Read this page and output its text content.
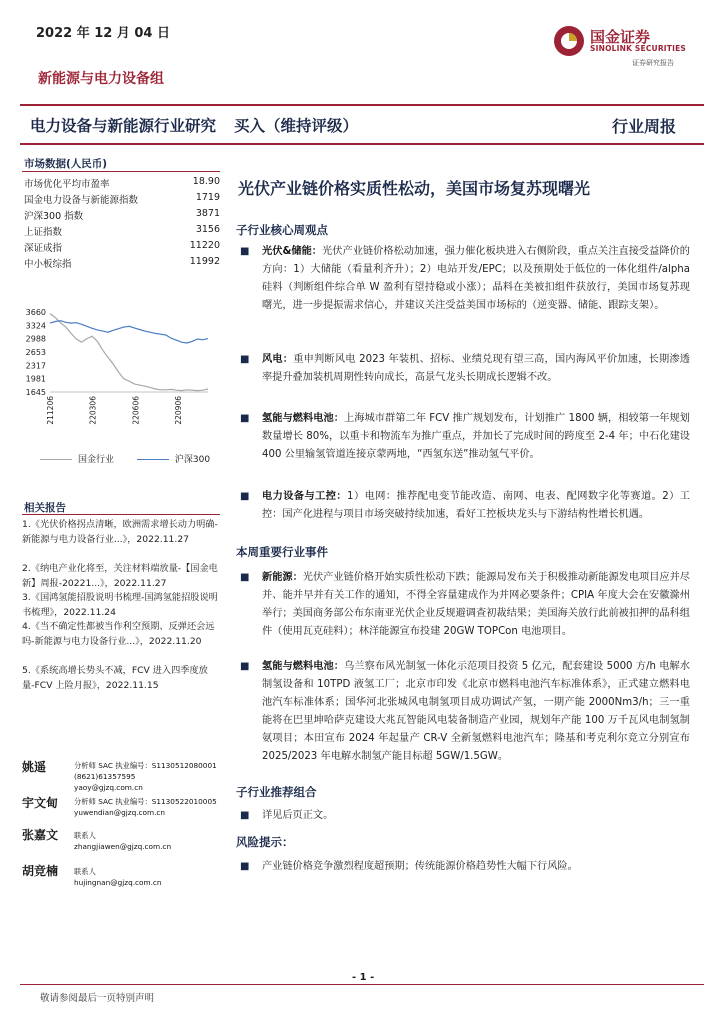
2022 年 12 月 04 日
新能源与电力设备组
国金证券
SINOLINK SECURITIES
证券研究报告
电力设备与新能源行业研究 买入（维持评级）	行业周报
市场数据(人民币)
市场优化平均市盈率	18.90
国金电力设备与新能源指数	1719
沪深300 指数	3871
上证指数	3156
深证成指	11220
中小板综指	11992
3660
3324
2988
2653
2317
1981
1645
211206	220306	220606	220906
国金行业	沪深300
相关报告
1.《光伏价格拐点清晰，欧洲需求增长动力明确-新能源与电力设备行业...》，2022.11.27
2.《纳电产业化将至，关注材料端放量-【国金电新】周报-20221...》，2022.11.27
3.《国鸿氢能招股说明书梳理-国鸿氢能招股说明书梳理》，2022.11.24
4.《当不确定性都被当作利空预期、反弹还会远吗-新能源与电力设备行业...》，2022.11.20
5.《系统高增长势头不减，FCV 进入四季度放量-FCV 上险月报》，2022.11.15
姚遥	分析师 SAC 执业编号：S1130512080001
(8621)61357595
yaoy@gjzq.com.cn
宇文甸 分析师 SAC 执业编号：S1130522010005
yuwendian@gjzq.com.cn
张嘉文 联系人
zhangjiawen@gjzq.com.cn
胡竞楠 联系人
hujingnan@gjzq.com.cn
光伏产业链价格实质性松动，美国市场复苏现曙光
子行业核心周观点
■ 光伏&储能：光伏产业链价格松动加速，强力催化板块进入右侧阶段，重点关注直接受益降价的方向：1）大储能（看量利齐升）；2）电站开发/EPC；以及预期处于低位的一体化组件/alpha 硅料（判断组件综合单 W 盈利有望持稳或小涨）；晶料在美被扣组件获放行，美国市场复苏现曙光，进一步提振需求信心，并建议关注受益美国市场标的（逆变器、储能、跟踪支架）。
■ 风电：重申判断风电 2023 年装机、招标、业绩兑现有望三高，国内海风平价加速，长期渗透率提升叠加装机周期性转向成长，高景气龙头长期成长逻辑不改。
■ 氢能与燃料电池：上海城市群第二年 FCV 推广规划发布，计划推广 1800 辆，相较第一年规划数量增长 80%，以重卡和物流车为推广重点，并加长了完成时间的跨度至 2-4 年；中石化建设 400 公里输氢管道连接京蒙两地，“西氢东送”推动氢气平价。
■ 电力设备与工控：1）电网：推荐配电变节能改造、南网、电表、配网数字化等赛道。2）工控：国产化进程与项目市场突破持续加速，看好工控板块龙头与下游结构性增长机遇。
本周重要行业事件
■ 新能源：光伏产业链价格开始实质性松动下跌；能源局发布关于积极推动新能源发电项目应并尽并、能并早并有关工作的通知，不得全容量建成作为并网必要条件；CPIA 年度大会在安徽滁州举行；美国商务部公布东南亚光伏企业反规避调查初裁结果；美国海关放行此前被扣押的晶科组件（使用瓦克硅料）；林洋能源宣布投建 20GW TOPCon 电池项目。
■ 氢能与燃料电池：乌兰察布风光制氢一体化示范项目投资 5 亿元，配套建设 5000 方/h 电解水制氢设备和 10TPD 液氢工厂；北京市印发《北京市燃料电池汽车标准体系》，正式建立燃料电池汽车标准体系；国华河北张城风电制氢项目成功调试产氢，一期产能 2000Nm3/h；三一重能将在巴里坤哈萨克建设大兆瓦智能风电装备制造产业园，规划年产能 100 万千瓦风电制氢制氨项目；本田宣布 2024 年起量产 CR-V 全新氢燃料电池汽车；隆基和考克利尔竞立分别宣布 2025/2023 年电解水制氢产能目标超 5GW/1.5GW。
子行业推荐组合
■ 详见后页正文。
风险提示：
■ 产业链价格竞争激烈程度超预期；传统能源价格趋势性大幅下行风险。
- 1 -
敬请参阅最后一页特别声明
